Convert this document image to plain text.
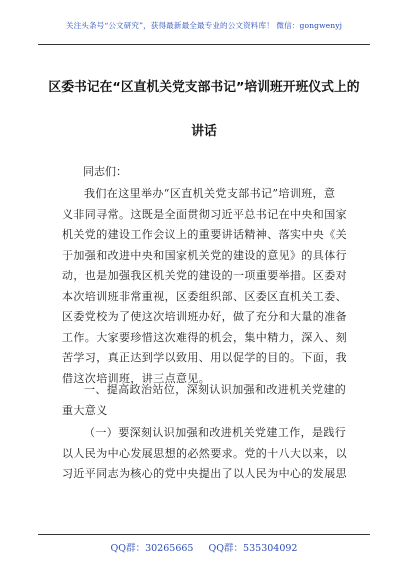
关注头条号“公文研究”，获得最新最全最专业的公文资料库！ 微信：gongwenyj
区委书记在“区直机关党支部书记”培训班开班仪式上的
讲话
同志们：
我们在这里举办“区直机关党支部书记”培训班，意
义非同寻常。这既是全面贯彻习近平总书记在中央和国家
机关党的建设工作会议上的重要讲话精神、落实中央《关
于加强和改进中央和国家机关党的建设的意见》的具体行
动，也是加强我区机关党的建设的一项重要举措。区委对
本次培训班非常重视，区委组织部、区委区直机关工委、
区委党校为了使这次培训班办好，做了充分和大量的准备
工作。大家要珍惜这次难得的机会，集中精力，深入、刻
苦学习，真正达到学以致用、用以促学的目的。下面，我
借这次培训班，讲三点意见。
一、提高政治站位，深刻认识加强和改进机关党建的
重大意义
（一）要深刻认识加强和改进机关党建工作，是践行
以人民为中心发展思想的必然要求。党的十八大以来，以
习近平同志为核心的党中央提出了以人民为中心的发展思
QQ群：30265665 QQ群：535304092
